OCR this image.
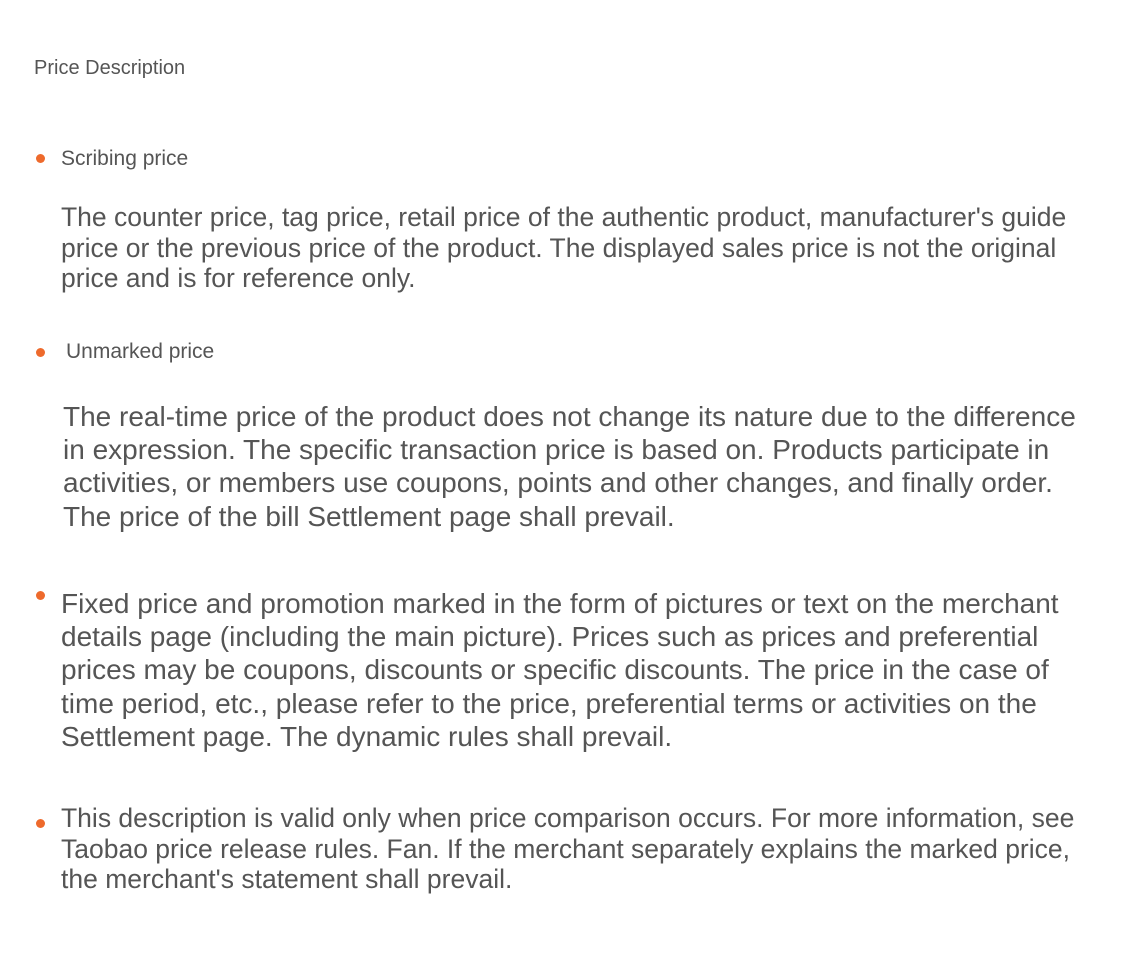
Price Description
Scribing price
The counter price, tag price, retail price of the authentic product, manufacturer's guide price or the previous price of the product. The displayed sales price is not the original price and is for reference only.
Unmarked price
The real-time price of the product does not change its nature due to the difference in expression. The specific transaction price is based on. Products participate in activities, or members use coupons, points and other changes, and finally order. The price of the bill Settlement page shall prevail.
Fixed price and promotion marked in the form of pictures or text on the merchant details page (including the main picture). Prices such as prices and preferential prices may be coupons, discounts or specific discounts. The price in the case of time period, etc., please refer to the price, preferential terms or activities on the Settlement page. The dynamic rules shall prevail.
This description is valid only when price comparison occurs. For more information, see Taobao price release rules. Fan. If the merchant separately explains the marked price, the merchant's statement shall prevail.
